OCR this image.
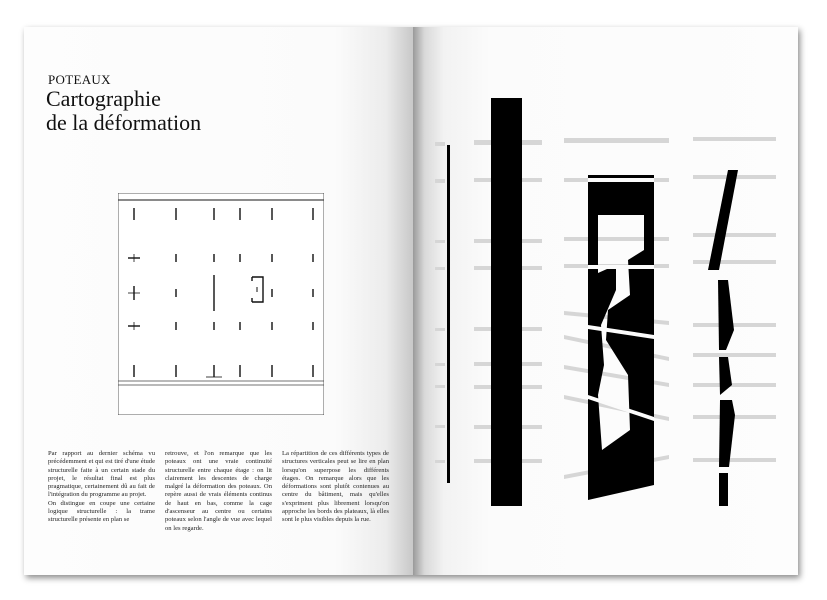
POTEAUX
Cartographie
de la déformation

Par rapport au dernier schéma vu précédemment et qui est tiré d'une étude structurelle faite à un certain stade du projet, le résultat final est plus pragmatique, certainement dû au fait de l'intégration du programme au projet.

On distingue en coupe une certaine logique structurelle : la trame structurelle présente en plan se

retrouve, et l'on remarque que les poteaux ont une vraie continuité structurelle entre chaque étage : on lit clairement les descentes de charge malgré la déformation des poteaux. On repère aussi de vrais éléments continus de haut en bas, comme la cage d'ascenseur au centre ou certains poteaux selon l'angle de vue avec lequel on les regarde.

La répartition de ces différents types de structures verticales peut se lire en plan lorsqu'on superpose les différents étages. On remarque alors que les déformations sont plutôt contenues au centre du bâtiment, mais qu'elles s'expriment plus librement lorsqu'on approche les bords des plateaux, là elles sont le plus visibles depuis la rue.
